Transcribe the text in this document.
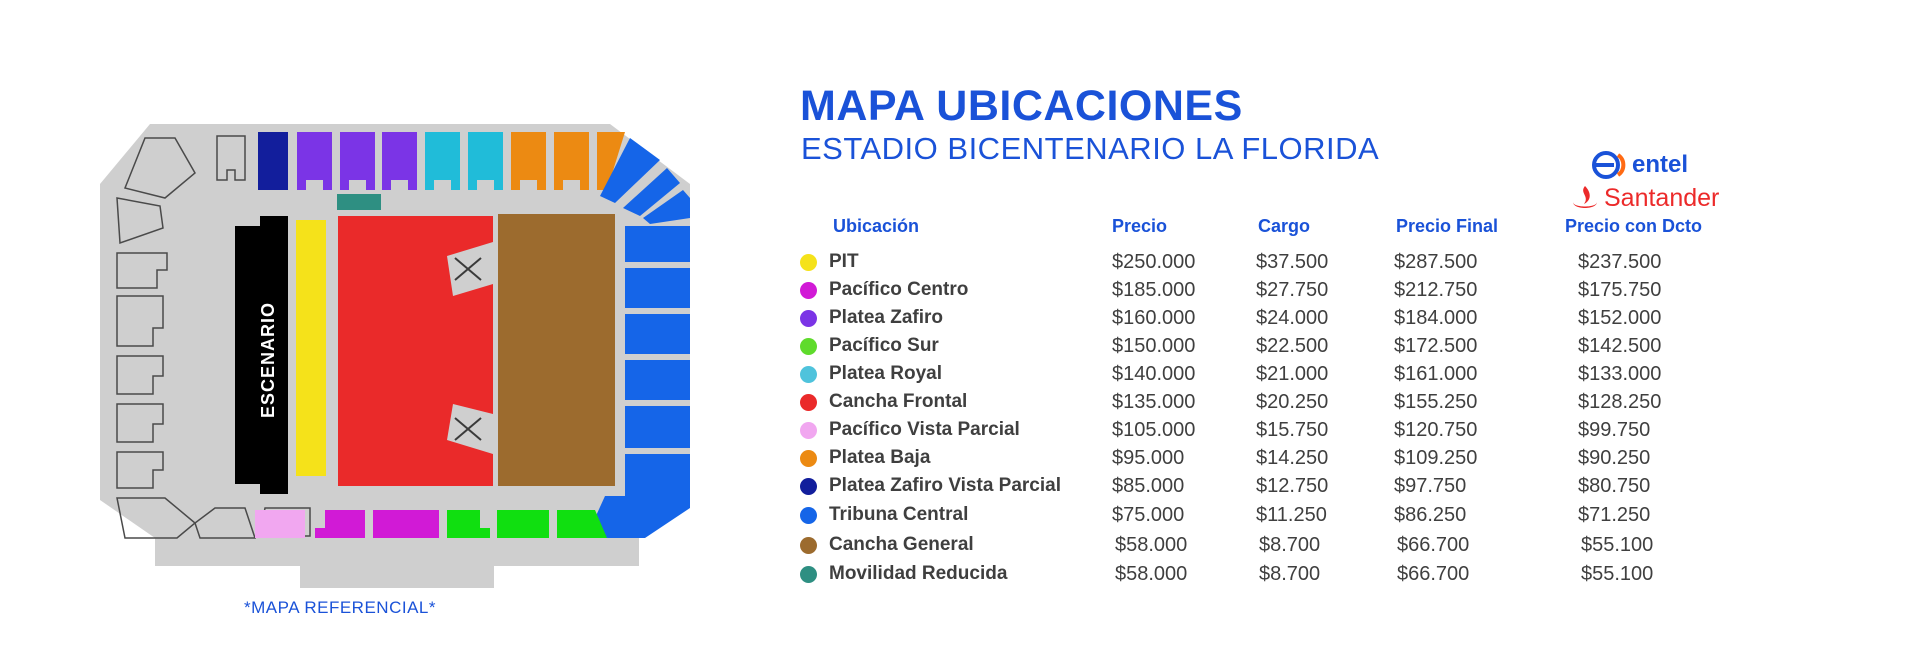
ESCENARIO
*MAPA REFERENCIAL*
MAPA UBICACIONES
ESTADIO BICENTENARIO LA FLORIDA	entel
Santander
Ubicación	Precio	Cargo	Precio Final	Precio con Dcto
PIT	$250.000	$37.500	$287.500	$237.500
Pacífico Centro	$185.000	$27.750	$212.750	$175.750
Platea Zafiro	$160.000	$24.000	$184.000	$152.000
Pacífico Sur	$150.000	$22.500	$172.500	$142.500
Platea Royal	$140.000	$21.000	$161.000	$133.000
Cancha Frontal	$135.000	$20.250	$155.250	$128.250
Pacífico Vista Parcial	$105.000	$15.750	$120.750	$99.750
Platea Baja	$95.000	$14.250	$109.250	$90.250
Platea Zafiro Vista Parcial	$85.000	$12.750	$97.750	$80.750
Tribuna Central	$75.000	$11.250	$86.250	$71.250
Cancha General	$58.000	$8.700	$66.700	$55.100
Movilidad Reducida	$58.000	$8.700	$66.700	$55.100
